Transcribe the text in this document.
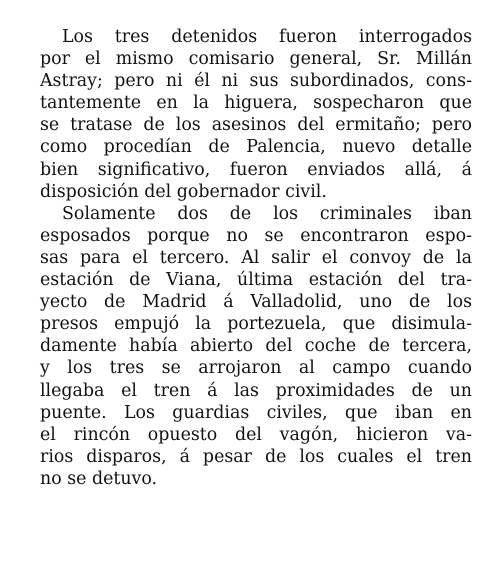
Los tres detenidos fueron interrogados
por el mismo comisario general, Sr. Millán
Astray; pero ni él ni sus subordinados, cons-
tantemente en la higuera, sospecharon que
se tratase de los asesinos del ermitaño; pero
como procedían de Palencia, nuevo detalle
bien significativo, fueron enviados allá, á
disposición del gobernador civil.

Solamente dos de los criminales iban
esposados porque no se encontraron espo-
sas para el tercero. Al salir el convoy de la
estación de Viana, última estación del tra-
yecto de Madrid á Valladolid, uno de los
presos empujó la portezuela, que disimula-
damente había abierto del coche de tercera,
y los tres se arrojaron al campo cuando
llegaba el tren á las proximidades de un
puente. Los guardias civiles, que iban en
el rincón opuesto del vagón, hicieron va-
rios disparos, á pesar de los cuales el tren
no se detuvo.
